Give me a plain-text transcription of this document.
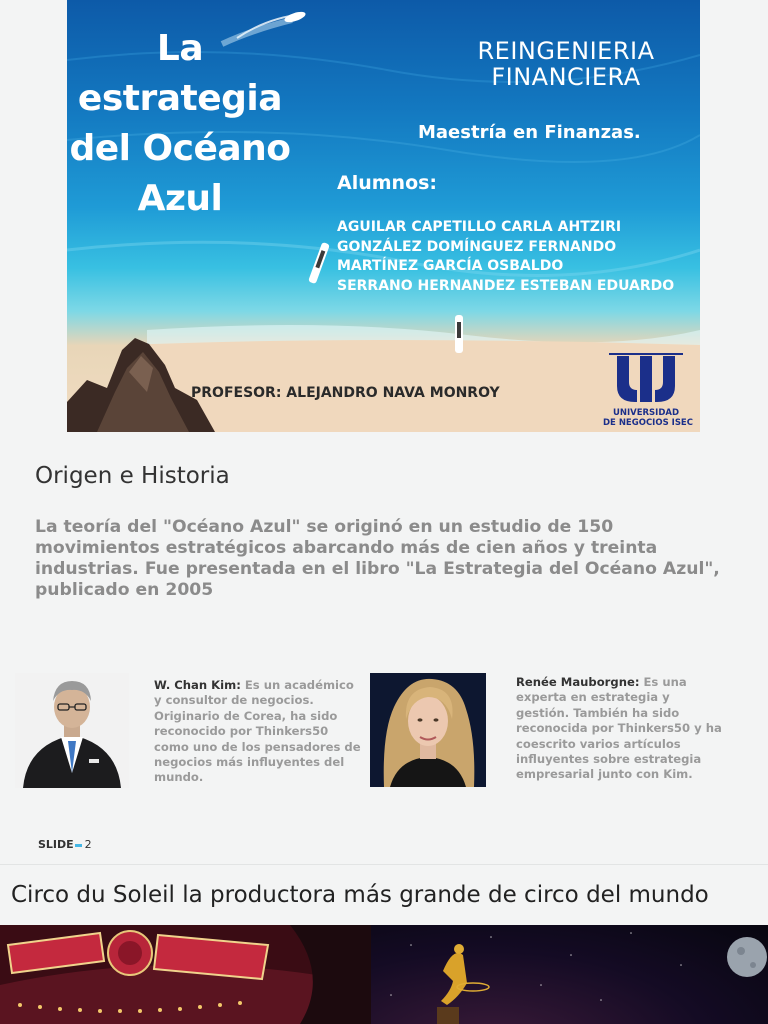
La
estrategia
del Océano
Azul
REINGENIERIA
FINANCIERA
Maestría en Finanzas.
Alumnos:
AGUILAR CAPETILLO CARLA AHTZIRI
GONZÁLEZ DOMÍNGUEZ FERNANDO
MARTÍNEZ GARCÍA OSBALDO
SERRANO HERNANDEZ ESTEBAN EDUARDO
PROFESOR: ALEJANDRO NAVA MONROY
UNIVERSIDAD
DE NEGOCIOS ISEC
Origen e Historia
La teoría del "Océano Azul" se originó en un estudio de 150 movimientos estratégicos abarcando más de cien años y treinta industrias. Fue presentada en el libro "La Estrategia del Océano Azul", publicado en 2005
W. Chan Kim: Es un académico y consultor de negocios. Originario de Corea, ha sido reconocido por Thinkers50 como uno de los pensadores de negocios más influyentes del mundo.
Renée Mauborgne: Es una experta en estrategia y gestión. También ha sido reconocida por Thinkers50 y ha coescrito varios artículos influyentes sobre estrategia empresarial junto con Kim.
SLIDE 2
Circo du Soleil la productora más grande de circo del mundo
